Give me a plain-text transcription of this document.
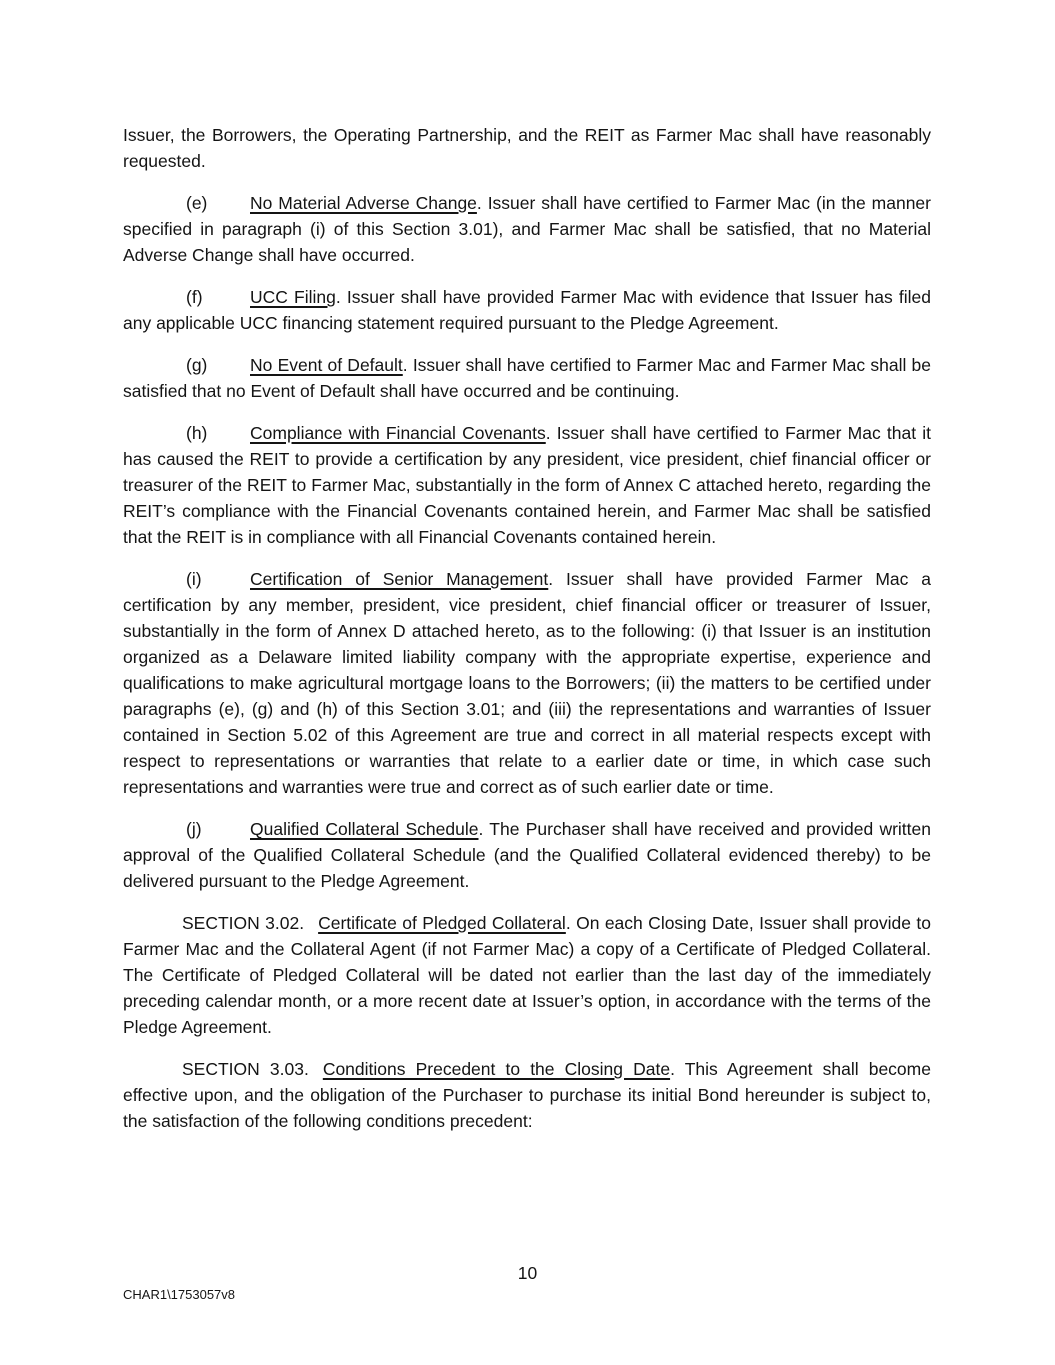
Issuer, the Borrowers, the Operating Partnership, and the REIT as Farmer Mac shall have reasonably requested.

(e) No Material Adverse Change. Issuer shall have certified to Farmer Mac (in the manner specified in paragraph (i) of this Section 3.01), and Farmer Mac shall be satisfied, that no Material Adverse Change shall have occurred.

(f)	UCC Filing. Issuer shall have provided Farmer Mac with evidence that Issuer has filed any applicable UCC financing statement required pursuant to the Pledge Agreement.

(g) No Event of Default. Issuer shall have certified to Farmer Mac and Farmer Mac shall be satisfied that no Event of Default shall have occurred and be continuing.

(h) Compliance with Financial Covenants. Issuer shall have certified to Farmer Mac that it has caused the REIT to provide a certification by any president, vice president, chief financial officer or treasurer of the REIT to Farmer Mac, substantially in the form of Annex C attached hereto, regarding the REIT’s compliance with the Financial Covenants contained herein, and Farmer Mac shall be satisfied that the REIT is in compliance with all Financial Covenants contained herein.

(i)	Certification of Senior Management. Issuer shall have provided Farmer Mac a certification by any member, president, vice president, chief financial officer or treasurer of Issuer, substantially in the form of Annex D attached hereto, as to the following: (i) that Issuer is an institution organized as a Delaware limited liability company with the appropriate expertise, experience and qualifications to make agricultural mortgage loans to the Borrowers; (ii) the matters to be certified under paragraphs (e), (g) and (h) of this Section 3.01; and (iii) the representations and warranties of Issuer contained in Section 5.02 of this Agreement are true and correct in all material respects except with respect to representations or warranties that relate to a earlier date or time, in which case such representations and warranties were true and correct as of such earlier date or time.

(j)	Qualified Collateral Schedule. The Purchaser shall have received and provided written approval of the Qualified Collateral Schedule (and the Qualified Collateral evidenced thereby) to be delivered pursuant to the Pledge Agreement.

SECTION 3.02. Certificate of Pledged Collateral. On each Closing Date, Issuer shall provide to Farmer Mac and the Collateral Agent (if not Farmer Mac) a copy of a Certificate of Pledged Collateral. The Certificate of Pledged Collateral will be dated not earlier than the last day of the immediately preceding calendar month, or a more recent date at Issuer’s option, in accordance with the terms of the Pledge Agreement.

SECTION 3.03. Conditions Precedent to the Closing Date. This Agreement shall become effective upon, and the obligation of the Purchaser to purchase its initial Bond hereunder is subject to, the satisfaction of the following conditions precedent:

10
CHAR1\1753057v8
